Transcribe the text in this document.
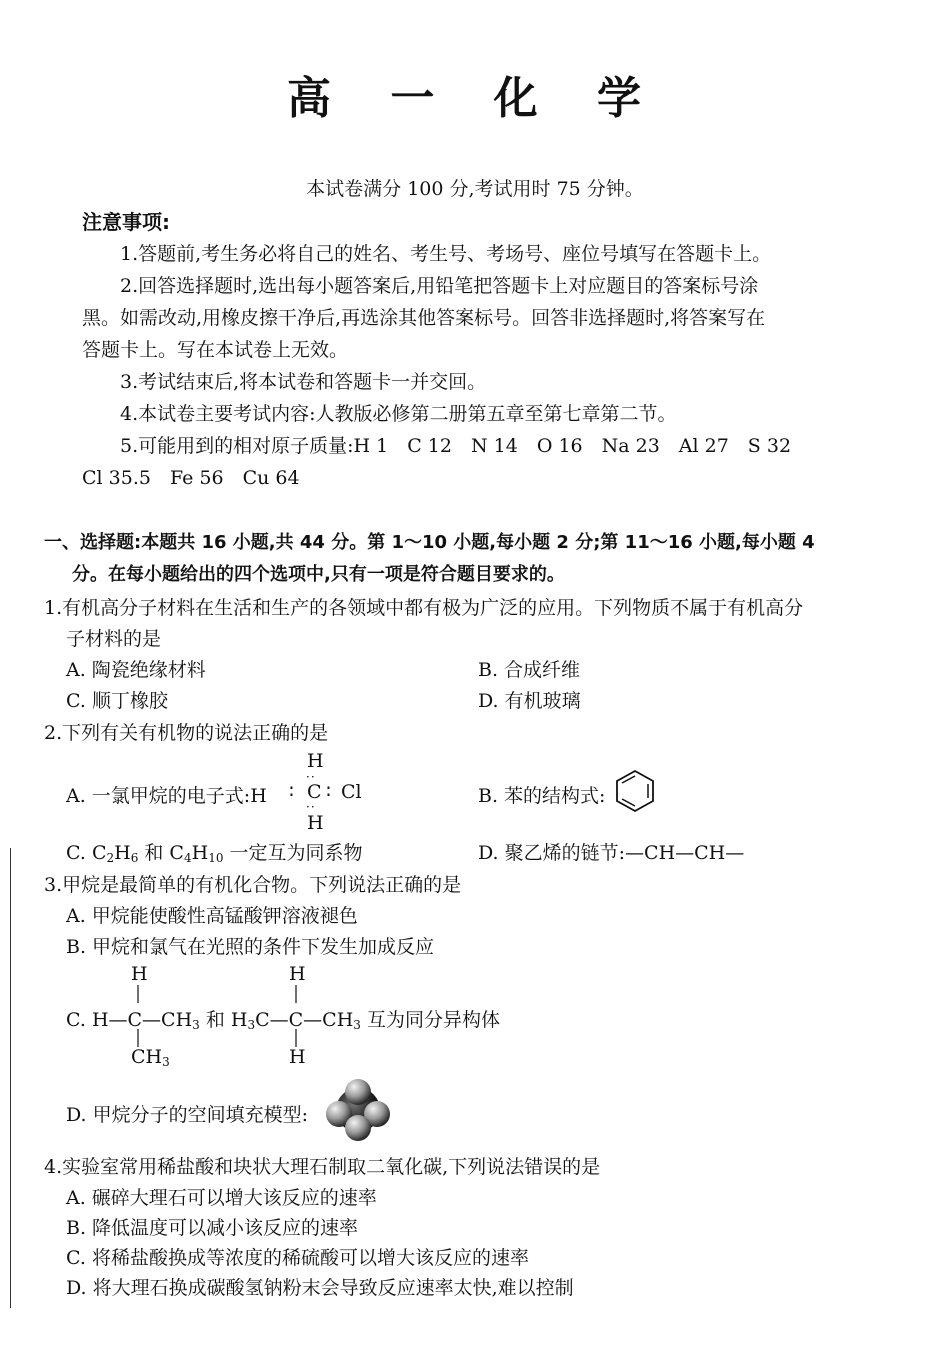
高 一 化 学
本试卷满分 100 分,考试用时 75 分钟。
注意事项:
1.答题前,考生务必将自己的姓名、考生号、考场号、座位号填写在答题卡上。
2.回答选择题时,选出每小题答案后,用铅笔把答题卡上对应题目的答案标号涂
黑。如需改动,用橡皮擦干净后,再选涂其他答案标号。回答非选择题时,将答案写在
答题卡上。写在本试卷上无效。
3.考试结束后,将本试卷和答题卡一并交回。
4.本试卷主要考试内容:人教版必修第二册第五章至第七章第二节。
5.可能用到的相对原子质量:H 1　C 12　N 14　O 16　Na 23　Al 27　S 32
Cl 35.5　Fe 56　Cu 64
一、选择题:本题共 16 小题,共 44 分。第 1～10 小题,每小题 2 分;第 11～16 小题,每小题 4
分。在每小题给出的四个选项中,只有一项是符合题目要求的。
1.有机高分子材料在生活和生产的各领域中都有极为广泛的应用。下列物质不属于有机高分
子材料的是
A. 陶瓷绝缘材料	B. 合成纤维
C. 顺丁橡胶	D. 有机玻璃
2.下列有关有机物的说法正确的是
H
··
A. 一氯甲烷的电子式:H ∶ C ∶ Cl
··
H
B. 苯的结构式:
C. $C_2H_6$ 和 $C_4H_{10}$ 一定互为同系物	D. 聚乙烯的链节:—CH—CH—
3.甲烷是最简单的有机化合物。下列说法正确的是
A. 甲烷能使酸性高锰酸钾溶液褪色
B. 甲烷和氯气在光照的条件下发生加成反应
H	H
C. $H—C—CH_3$ 和 $H_3C—C—CH_3$ 互为同分异构体
$CH_3$	H
D. 甲烷分子的空间填充模型:
4.实验室常用稀盐酸和块状大理石制取二氧化碳,下列说法错误的是
A. 碾碎大理石可以增大该反应的速率
B. 降低温度可以减小该反应的速率
C. 将稀盐酸换成等浓度的稀硫酸可以增大该反应的速率
D. 将大理石换成碳酸氢钠粉末会导致反应速率太快,难以控制
